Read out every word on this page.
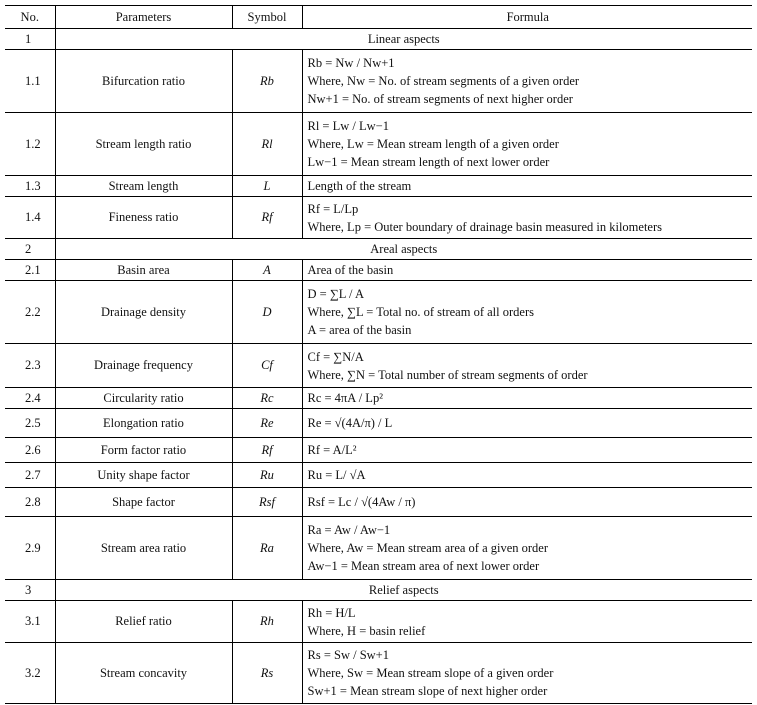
No.	Parameters	Symbol	Formula
1	Linear aspects		
1.1	Bifurcation ratio	Rb	Rb = Nw / Nw+1
Where, Nw = No. of stream segments of a given order
Nw+1 = No. of stream segments of next higher order

1.2	Stream length ratio	Rl	Rl = Lw / Lw−1
Where, Lw = Mean stream length of a given order
Lw−1 = Mean stream length of next lower order

1.3	Stream length	L	Length of the stream

1.4	Fineness ratio	Rf	Rf = L/Lp
Where, Lp = Outer boundary of drainage basin measured in kilometers

2	Areal aspects		
2.1	Basin area	A	Area of the basin

2.2	Drainage density	D	D = ∑L / A
Where, ∑L = Total no. of stream of all orders
A = area of the basin

2.3	Drainage frequency	Cf	Cf = ∑N/A
Where, ∑N = Total number of stream segments of order

2.4	Circularity ratio	Rc	Rc = 4πA / Lp²

2.5	Elongation ratio	Re	Re = √(4A/π) / L

2.6	Form factor ratio	Rf	Rf = A/L²

2.7	Unity shape factor	Ru	Ru = L/ √A

2.8	Shape factor	Rsf	Rsf = Lc / √(4Aw / π)

2.9	Stream area ratio	Ra	Ra = Aw / Aw−1
Where, Aw = Mean stream area of a given order
Aw−1 = Mean stream area of next lower order

3	Relief aspects		
3.1	Relief ratio	Rh	Rh = H/L
Where, H = basin relief

3.2	Stream concavity	Rs	Rs = Sw / Sw+1
Where, Sw = Mean stream slope of a given order
Sw+1 = Mean stream slope of next higher order
